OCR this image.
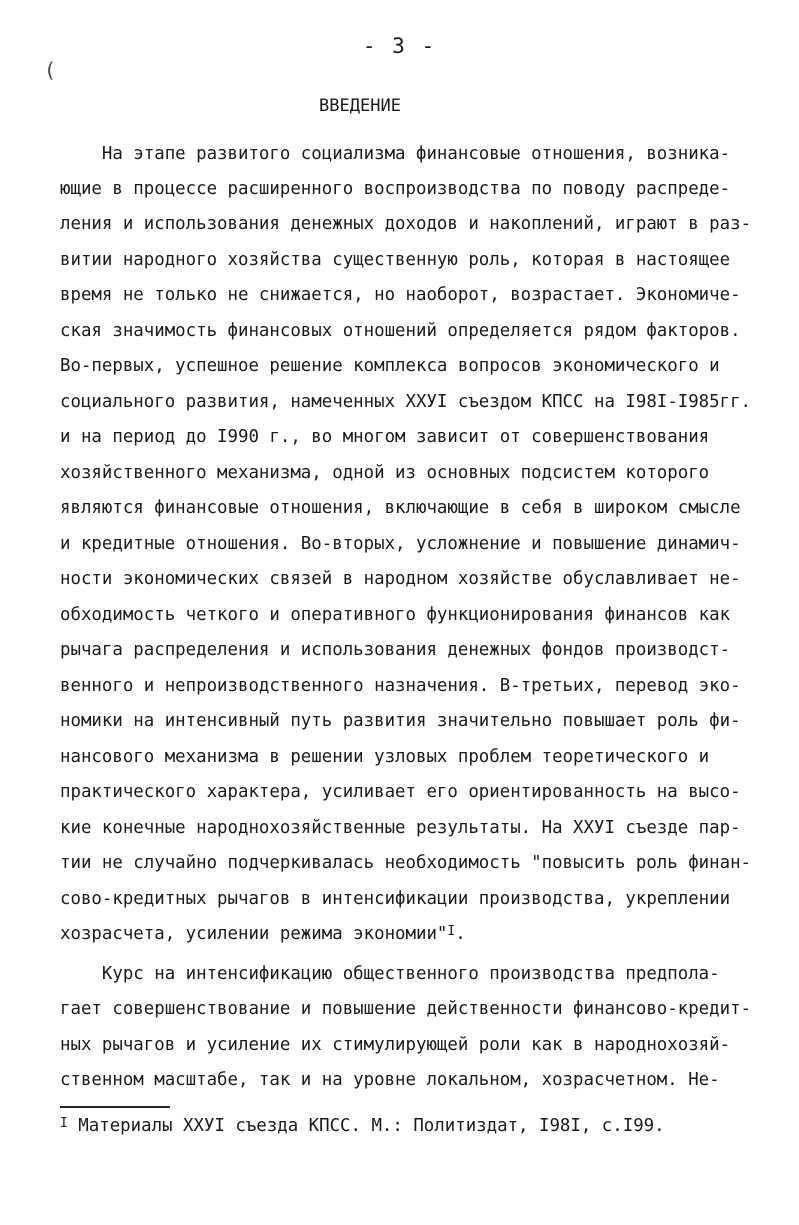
- 3 -
(
ВВЕДЕНИЕ
На этапе развитого социализма финансовые отношения, возника-
ющие в процессе расширенного воспроизводства по поводу распреде-
ления и использования денежных доходов и накоплений, играют в раз-
витии народного хозяйства существенную роль, которая в настоящее
время не только не снижается, но наоборот, возрастает. Экономиче-
ская значимость финансовых отношений определяется рядом факторов.
Во-первых, успешное решение комплекса вопросов экономического и
социального развития, намеченных XXУI съездом КПСС на I98I-I985гг.
и на период до I990 г., во многом зависит от совершенствования
хозяйственного механизма, одной из основных подсистем которого
являются финансовые отношения, включающие в себя в широком смысле
и кредитные отношения. Во-вторых, усложнение и повышение динамич-
ности экономических связей в народном хозяйстве обуславливает не-
обходимость четкого и оперативного функционирования финансов как
рычага распределения и использования денежных фондов производст-
венного и непроизводственного назначения. В-третьих, перевод эко-
номики на интенсивный путь развития значительно повышает роль фи-
нансового механизма в решении узловых проблем теоретического и
практического характера, усиливает его ориентированность на высо-
кие конечные народнохозяйственные результаты. На XXУI съезде пар-
тии не случайно подчеркивалась необходимость "повысить роль финан-
сово-кредитных рычагов в интенсификации производства, укреплении
хозрасчета, усилении режима экономии"$^I$.
Курс на интенсификацию общественного производства предпола-
гает совершенствование и повышение действенности финансово-кредит-
ных рычагов и усиление их стимулирующей роли как в народнохозяй-
ственном масштабе, так и на уровне локальном, хозрасчетном. Не-
$^I$ Материалы XXУI съезда КПСС. М.: Политиздат, I98I, с.I99.
